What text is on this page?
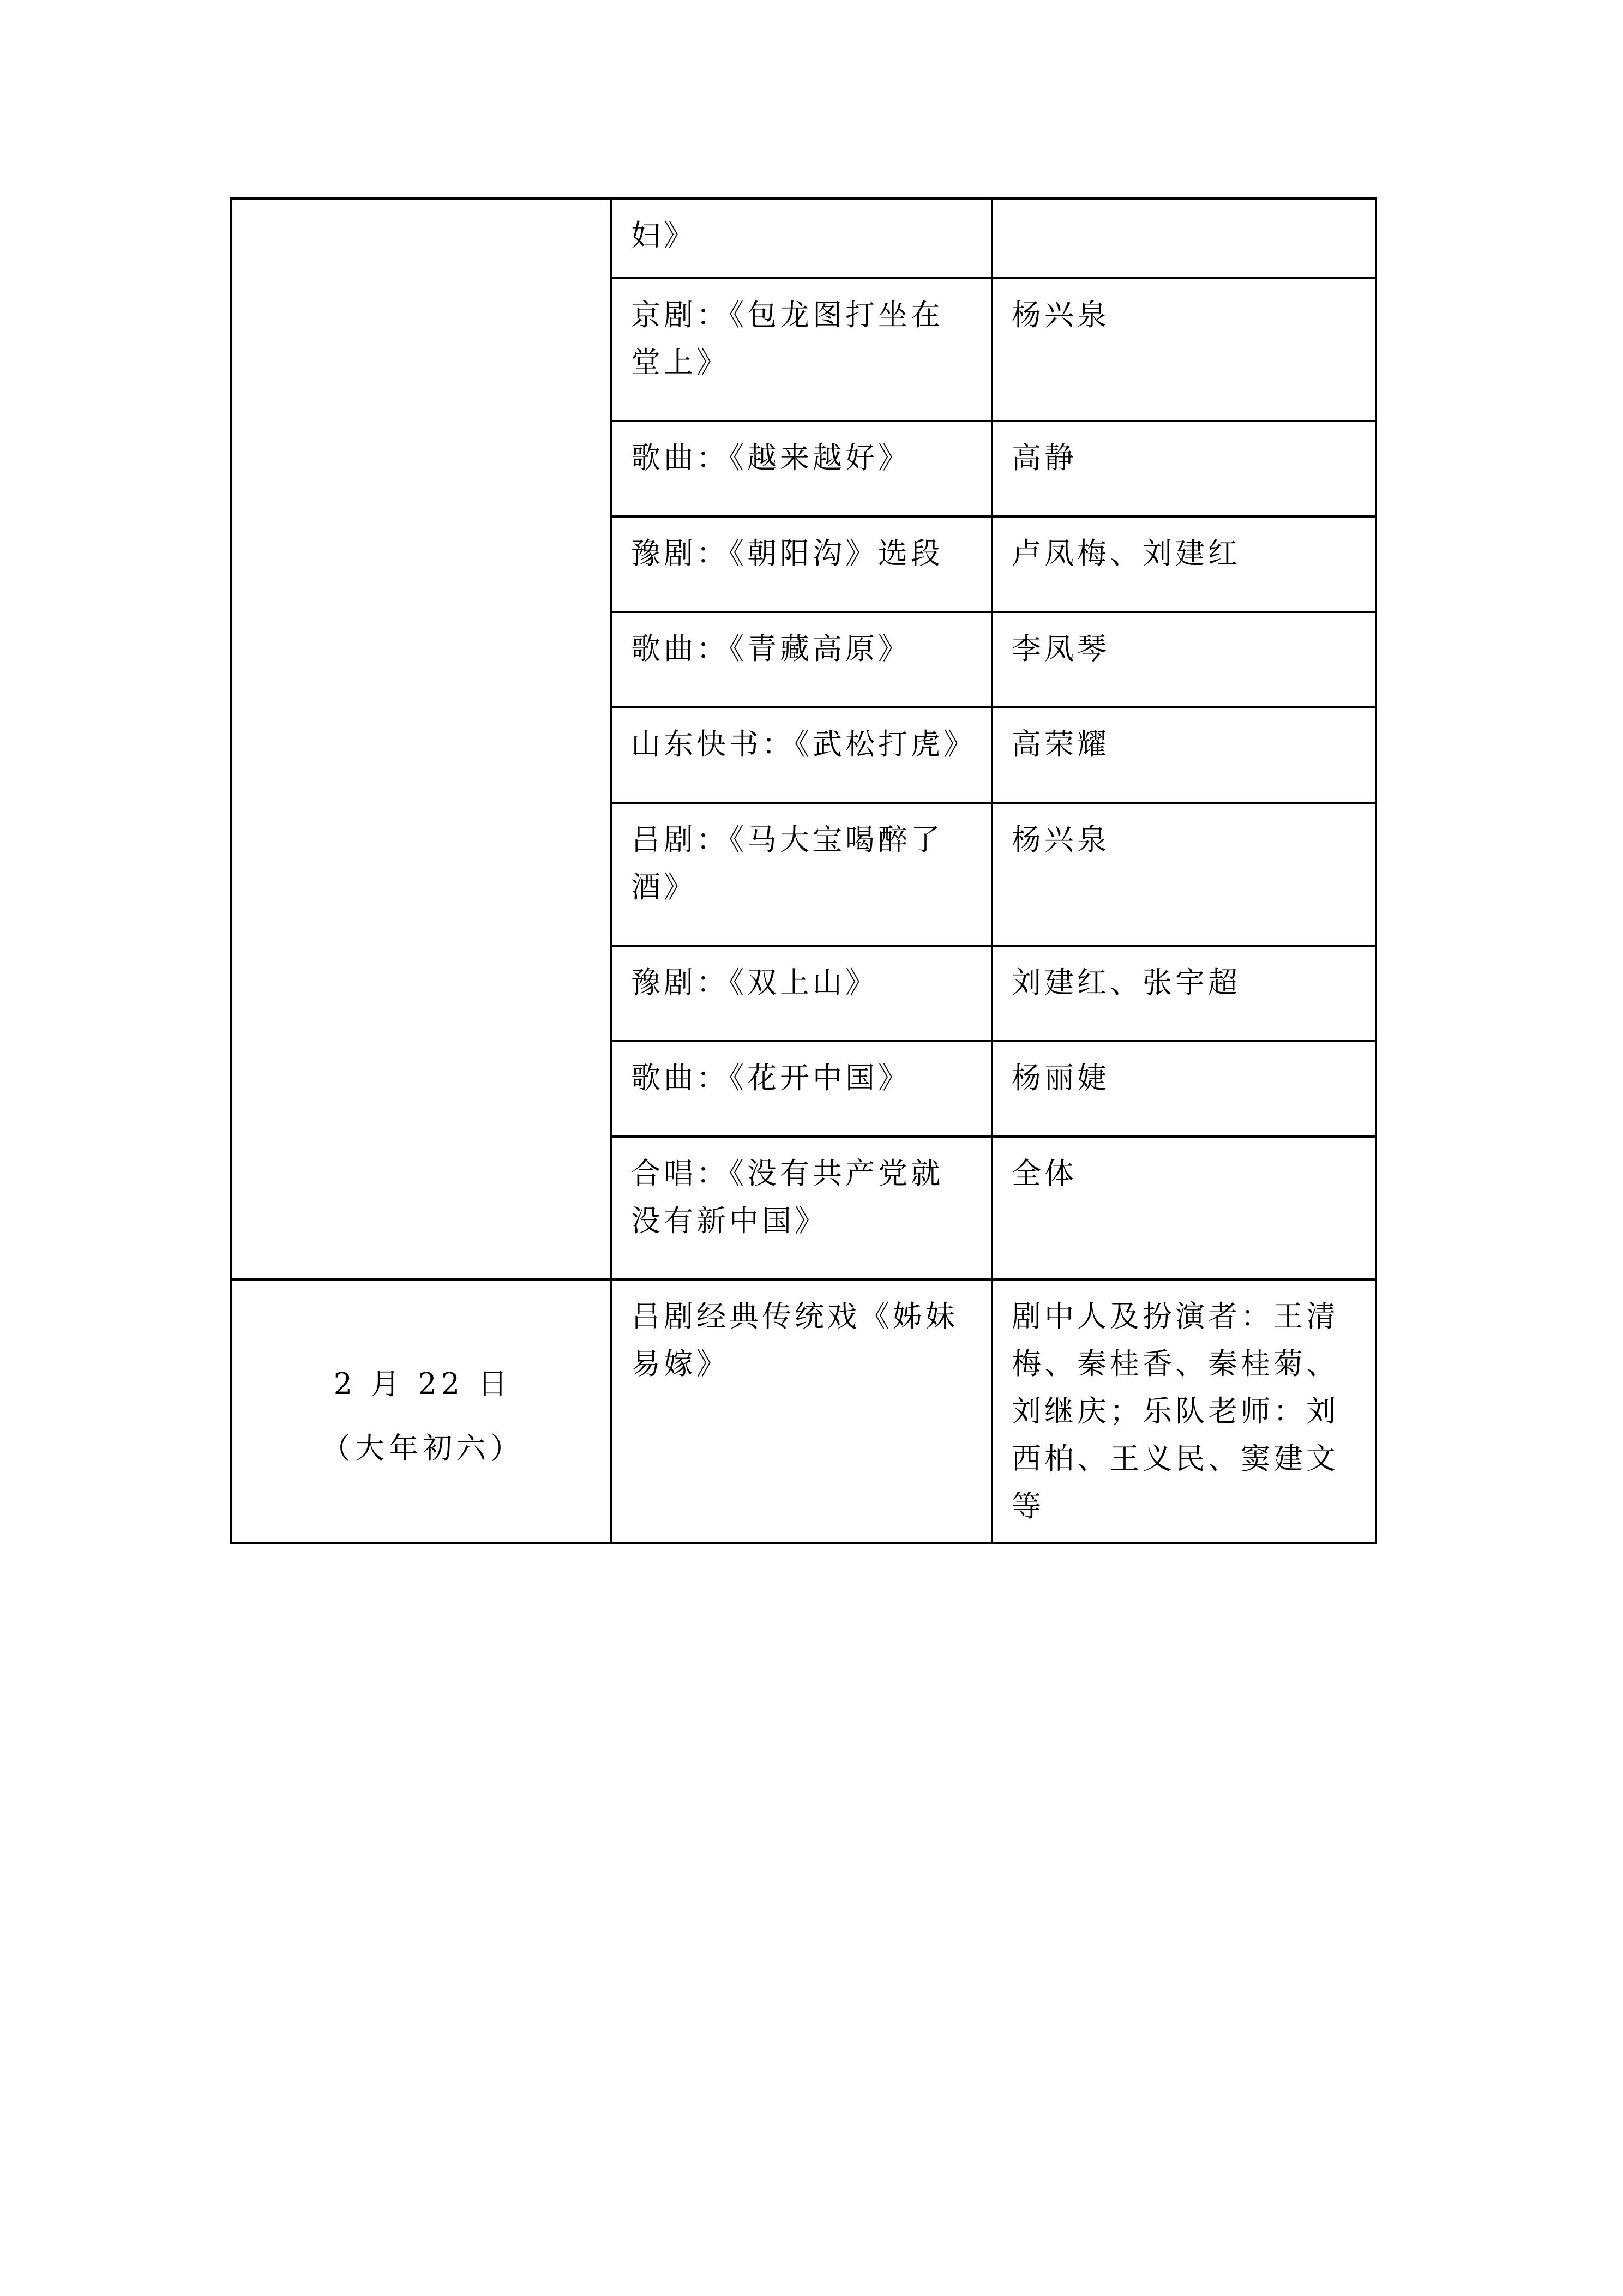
	妇》	
	京剧：《包龙图打坐在堂上》	杨兴泉
	歌曲：《越来越好》	高静
	豫剧：《朝阳沟》选段	卢凤梅、刘建红
	歌曲：《青藏高原》	李凤琴
	山东快书：《武松打虎》	高荣耀
	吕剧：《马大宝喝醉了酒》	杨兴泉
	豫剧：《双上山》	刘建红、张宇超
	歌曲：《花开中国》	杨丽婕
	合唱：《没有共产党就没有新中国》	全体

2 月 22 日
（大年初六）	吕剧经典传统戏《姊妹易嫁》	剧中人及扮演者：王清梅、秦桂香、秦桂菊、刘继庆；乐队老师：刘西柏、王义民、窦建文等
